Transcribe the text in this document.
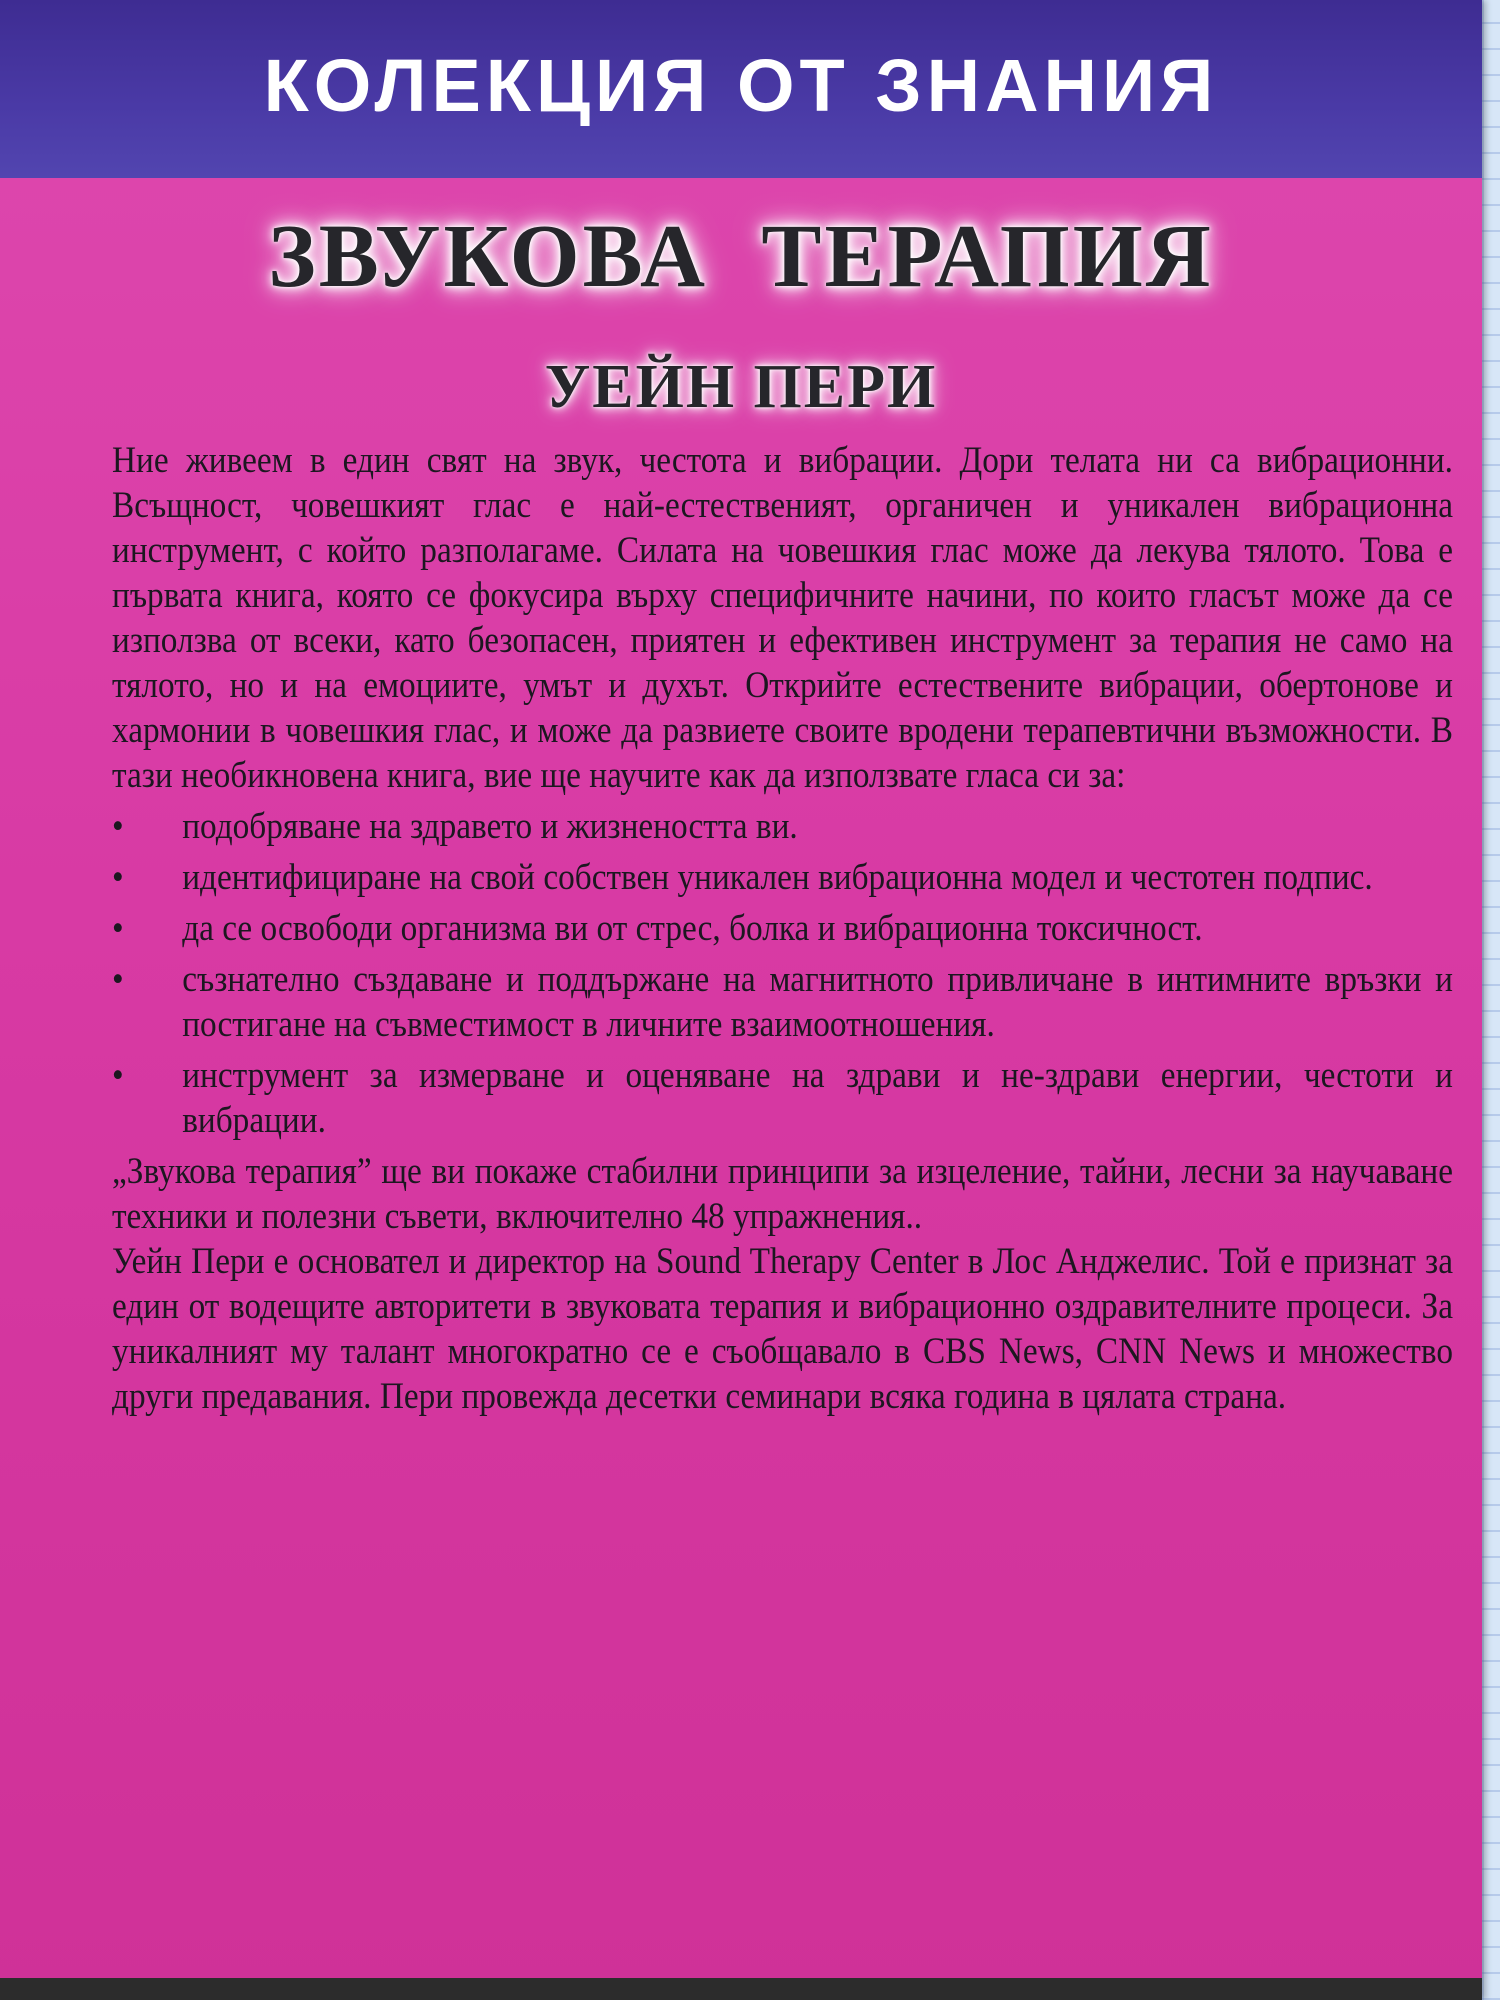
КОЛЕКЦИЯ ОТ ЗНАНИЯ
ЗВУКОВА ТЕРАПИЯ
УЕЙН ПЕРИ

Ние живеем в един свят на звук, честота и вибрации. Дори телата ни са вибрационни. Всъщност, човешкият глас е най-естественият, органичен и уникален вибрационна инструмент, с който разполагаме. Силата на човешкия глас може да лекува тялото. Това е първата книга, която се фокусира върху специфичните начини, по които гласът може да се използва от всеки, като безопасен, приятен и ефективен инструмент за терапия не само на тялото, но и на емоциите, умът и духът. Открийте естествените вибрации, обертонове и хармонии в човешкия глас, и може да развиете своите вродени терапевтични възможности. В тази необикновена книга, вие ще научите как да използвате гласа си за:

• подобряване на здравето и жизнеността ви.
• идентифициране на свой собствен уникален вибрационна модел и честотен подпис.
• да се освободи организма ви от стрес, болка и вибрационна токсичност.
• съзнателно създаване и поддържане на магнитното привличане в интимните връзки и постигане на съвместимост в личните взаимоотношения.
• инструмент за измерване и оценяване на здрави и не-здрави енергии, честоти и вибрации.

„Звукова терапия” ще ви покаже стабилни принципи за изцеление, тайни, лесни за научаване техники и полезни съвети, включително 48 упражнения..

Уейн Пери е основател и директор на Sound Therapy Center в Лос Анджелис. Той е признат за един от водещите авторитети в звуковата терапия и вибрационно оздравителните процеси. За уникалният му талант многократно се е съобщавало в CBS News, CNN News и множество други предавания. Пери провежда десетки семинари всяка година в цялата страна.
